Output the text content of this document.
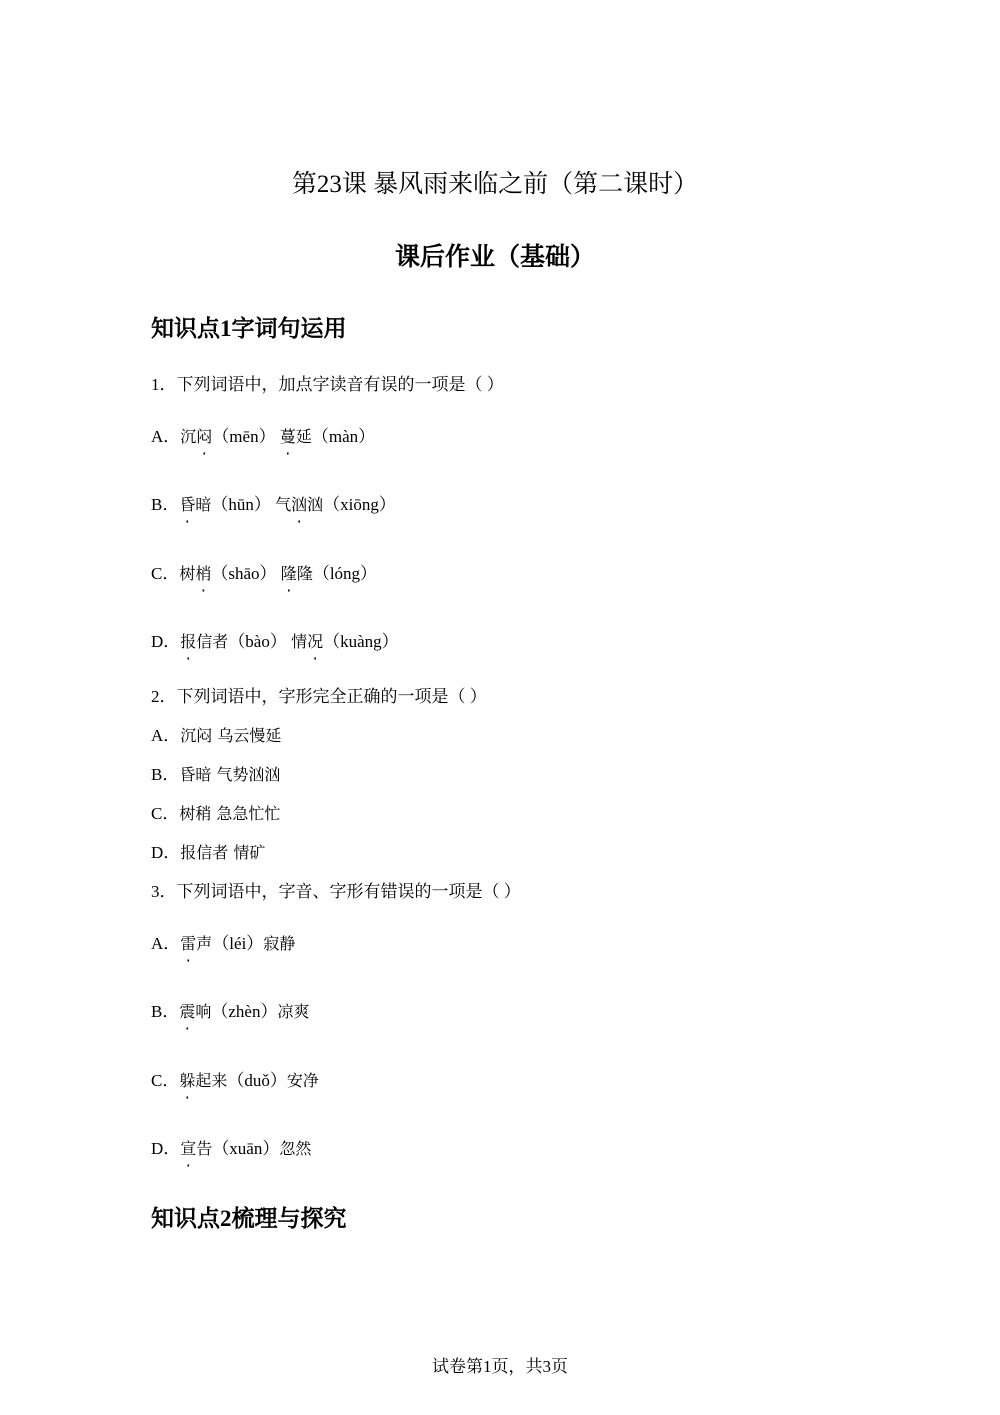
第23课 暴风雨来临之前（第二课时）
课后作业（基础）
知识点1字词句运用
1．下列词语中，加点字读音有误的一项是（ ）
A．沉闷（mēn） 蔓延（màn）
B．昏暗（hūn） 气汹汹（xiōng）
C．树梢（shāo） 隆隆（lóng）
D．报信者（bào） 情况（kuàng）
2．下列词语中，字形完全正确的一项是（ ）
A．沉闷 乌云慢延
B．昏暗 气势汹汹
C．树稍 急急忙忙
D．报信者 情矿
3．下列词语中，字音、字形有错误的一项是（ ）
A．雷声（léi）寂静
B．震响（zhèn）凉爽
C．躲起来（duǒ）安净
D．宣告（xuān）忽然
知识点2梳理与探究
试卷第1页，共3页
